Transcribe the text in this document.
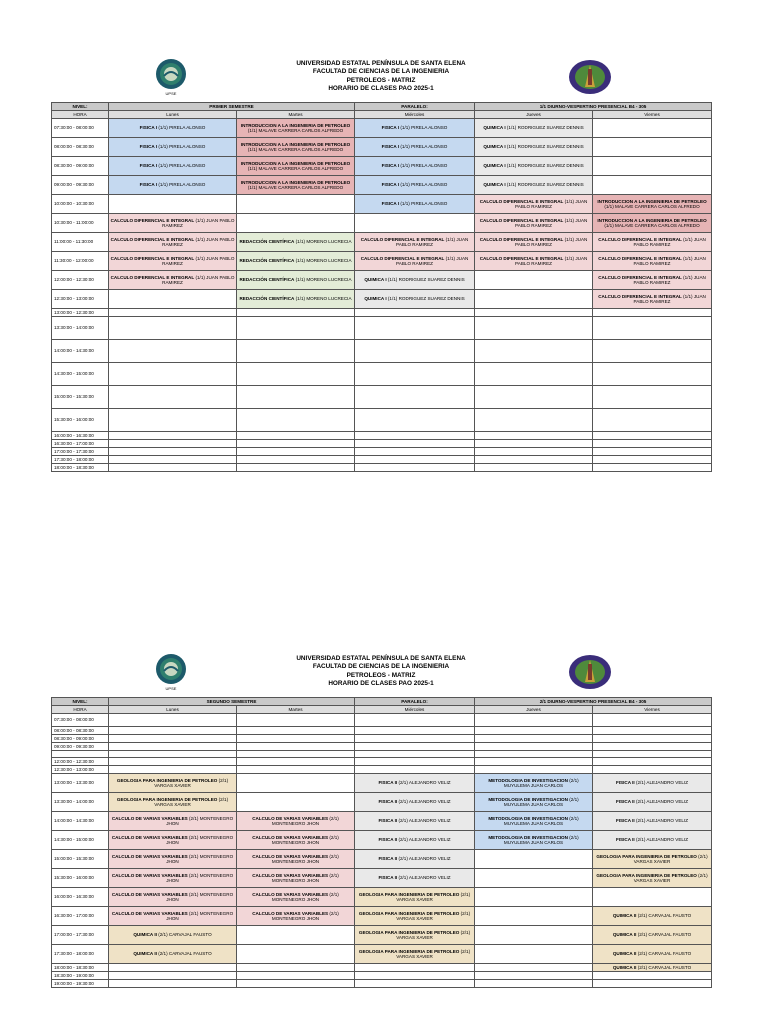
UPSE
UNIVERSIDAD ESTATAL PENÍNSULA DE SANTA ELENA
FACULTAD DE CIENCIAS DE LA INGENIERIA
PETROLEOS - MATRIZ
HORARIO DE CLASES PAO 2025-1
NIVEL:	PRIMER SEMESTRE		PARALELO:	1/1 DIURNO-VESPERTINO PRESENCIAL B4 - 305	
HORA	Lunes	Martes	Miércoles	Jueves	Viernes
07:30:00 - 08:00:00	FISICA I (1/1) PIRELA ALONSO	INTRODUCCION A LA INGENIERIA DE PETROLEO (1/1) MALAVE CARRERA CARLOS ALFREDO	FISICA I (1/1) PIRELA ALONSO	QUIMICA I (1/1) RODRIGUEZ SUAREZ DENNIS	
08:00:00 - 08:30:00	FISICA I (1/1) PIRELA ALONSO	INTRODUCCION A LA INGENIERIA DE PETROLEO (1/1) MALAVE CARRERA CARLOS ALFREDO	FISICA I (1/1) PIRELA ALONSO	QUIMICA I (1/1) RODRIGUEZ SUAREZ DENNIS	
08:30:00 - 09:00:00	FISICA I (1/1) PIRELA ALONSO	INTRODUCCION A LA INGENIERIA DE PETROLEO (1/1) MALAVE CARRERA CARLOS ALFREDO	FISICA I (1/1) PIRELA ALONSO	QUIMICA I (1/1) RODRIGUEZ SUAREZ DENNIS	
09:00:00 - 09:30:00	FISICA I (1/1) PIRELA ALONSO	INTRODUCCION A LA INGENIERIA DE PETROLEO (1/1) MALAVE CARRERA CARLOS ALFREDO	FISICA I (1/1) PIRELA ALONSO	QUIMICA I (1/1) RODRIGUEZ SUAREZ DENNIS	
10:00:00 - 10:30:00			FISICA I (1/1) PIRELA ALONSO	CALCULO DIFERENCIAL E INTEGRAL (1/1) JUAN PABLO RAMIREZ	INTRODUCCION A LA INGENIERIA DE PETROLEO (1/1) MALAVE CARRERA CARLOS ALFREDO
10:30:00 - 11:00:00	CALCULO DIFERENCIAL E INTEGRAL (1/1) JUAN PABLO RAMIREZ			CALCULO DIFERENCIAL E INTEGRAL (1/1) JUAN PABLO RAMIREZ	INTRODUCCION A LA INGENIERIA DE PETROLEO (1/1) MALAVE CARRERA CARLOS ALFREDO
11:00:00 - 11:30:00	CALCULO DIFERENCIAL E INTEGRAL (1/1) JUAN PABLO RAMIREZ	REDACCIÓN CIENTÍFICA (1/1) MORENO LUCRECIA	CALCULO DIFERENCIAL E INTEGRAL (1/1) JUAN PABLO RAMIREZ	CALCULO DIFERENCIAL E INTEGRAL (1/1) JUAN PABLO RAMIREZ	CALCULO DIFERENCIAL E INTEGRAL (1/1) JUAN PABLO RAMIREZ
11:30:00 - 12:00:00	CALCULO DIFERENCIAL E INTEGRAL (1/1) JUAN PABLO RAMIREZ	REDACCIÓN CIENTÍFICA (1/1) MORENO LUCRECIA	CALCULO DIFERENCIAL E INTEGRAL (1/1) JUAN PABLO RAMIREZ	CALCULO DIFERENCIAL E INTEGRAL (1/1) JUAN PABLO RAMIREZ	CALCULO DIFERENCIAL E INTEGRAL (1/1) JUAN PABLO RAMIREZ
12:00:00 - 12:30:00	CALCULO DIFERENCIAL E INTEGRAL (1/1) JUAN PABLO RAMIREZ	REDACCIÓN CIENTÍFICA (1/1) MORENO LUCRECIA	QUIMICA I (1/1) RODRIGUEZ SUAREZ DENNIS		CALCULO DIFERENCIAL E INTEGRAL (1/1) JUAN PABLO RAMIREZ
12:30:00 - 13:00:00		REDACCIÓN CIENTÍFICA (1/1) MORENO LUCRECIA	QUIMICA I (1/1) RODRIGUEZ SUAREZ DENNIS		CALCULO DIFERENCIAL E INTEGRAL (1/1) JUAN PABLO RAMIREZ
13:00:00 - 12:30:00					
13:30:00 - 14:00:00					
14:00:00 - 14:30:00					
14:30:00 - 15:00:00					
15:00:00 - 15:30:00					
15:30:00 - 16:00:00					
16:00:00 - 16:30:00					
16:30:00 - 17:00:00					
17:00:00 - 17:30:00					
17:30:00 - 18:00:00					
18:00:00 - 18:30:00					
UPSE
UNIVERSIDAD ESTATAL PENÍNSULA DE SANTA ELENA
FACULTAD DE CIENCIAS DE LA INGENIERIA
PETROLEOS - MATRIZ
HORARIO DE CLASES PAO 2025-1
NIVEL:	SEGUNDO SEMESTRE		PARALELO:	2/1 DIURNO-VESPERTINO PRESENCIAL B4 - 305	
HORA	Lunes	Martes	Miércoles	Jueves	Viernes
07:30:00 - 08:00:00					
08:00:00 - 08:30:00					
08:30:00 - 09:00:00					
09:00:00 - 09:30:00					

12:00:00 - 12:30:00					
12:30:00 - 13:00:00					
13:00:00 - 13:30:00	GEOLOGIA PARA INGENIERIA DE PETROLEO (2/1) VARGAS XAVIER		FISICA II (2/1) ALEJANDRO VELIZ	METODOLOGIA DE INVESTIGACION (2/1) MUYULEMA JUAN CARLOS	FISICA II (2/1) ALEJANDRO VELIZ
13:30:00 - 14:00:00	GEOLOGIA PARA INGENIERIA DE PETROLEO (2/1) VARGAS XAVIER		FISICA II (2/1) ALEJANDRO VELIZ	METODOLOGIA DE INVESTIGACION (2/1) MUYULEMA JUAN CARLOS	FISICA II (2/1) ALEJANDRO VELIZ
14:00:00 - 14:30:00	CALCULO DE VARIAS VARIABLES (2/1) MONTENEGRO JHON	CALCULO DE VARIAS VARIABLES (2/1) MONTENEGRO JHON	FISICA II (2/1) ALEJANDRO VELIZ	METODOLOGIA DE INVESTIGACION (2/1) MUYULEMA JUAN CARLOS	FISICA II (2/1) ALEJANDRO VELIZ
14:30:00 - 15:00:00	CALCULO DE VARIAS VARIABLES (2/1) MONTENEGRO JHON	CALCULO DE VARIAS VARIABLES (2/1) MONTENEGRO JHON	FISICA II (2/1) ALEJANDRO VELIZ	METODOLOGIA DE INVESTIGACION (2/1) MUYULEMA JUAN CARLOS	FISICA II (2/1) ALEJANDRO VELIZ
15:00:00 - 15:30:00	CALCULO DE VARIAS VARIABLES (2/1) MONTENEGRO JHON	CALCULO DE VARIAS VARIABLES (2/1) MONTENEGRO JHON	FISICA II (2/1) ALEJANDRO VELIZ		GEOLOGIA PARA INGENIERIA DE PETROLEO (2/1) VARGAS XAVIER
15:30:00 - 16:00:00	CALCULO DE VARIAS VARIABLES (2/1) MONTENEGRO JHON	CALCULO DE VARIAS VARIABLES (2/1) MONTENEGRO JHON	FISICA II (2/1) ALEJANDRO VELIZ		GEOLOGIA PARA INGENIERIA DE PETROLEO (2/1) VARGAS XAVIER
16:00:00 - 16:30:00	CALCULO DE VARIAS VARIABLES (2/1) MONTENEGRO JHON	CALCULO DE VARIAS VARIABLES (2/1) MONTENEGRO JHON	GEOLOGIA PARA INGENIERIA DE PETROLEO (2/1) VARGAS XAVIER		
16:30:00 - 17:00:00	CALCULO DE VARIAS VARIABLES (2/1) MONTENEGRO JHON	CALCULO DE VARIAS VARIABLES (2/1) MONTENEGRO JHON	GEOLOGIA PARA INGENIERIA DE PETROLEO (2/1) VARGAS XAVIER		QUIMICA II (2/1) CARVAJAL FAUSTO
17:00:00 - 17:30:00	QUIMICA II (2/1) CARVAJAL FAUSTO		GEOLOGIA PARA INGENIERIA DE PETROLEO (2/1) VARGAS XAVIER		QUIMICA II (2/1) CARVAJAL FAUSTO
17:30:00 - 18:00:00	QUIMICA II (2/1) CARVAJAL FAUSTO		GEOLOGIA PARA INGENIERIA DE PETROLEO (2/1) VARGAS XAVIER		QUIMICA II (2/1) CARVAJAL FAUSTO
18:00:00 - 18:30:00					QUIMICA II (2/1) CARVAJAL FAUSTO
18:30:00 - 19:00:00					
19:00:00 - 19:30:00					
